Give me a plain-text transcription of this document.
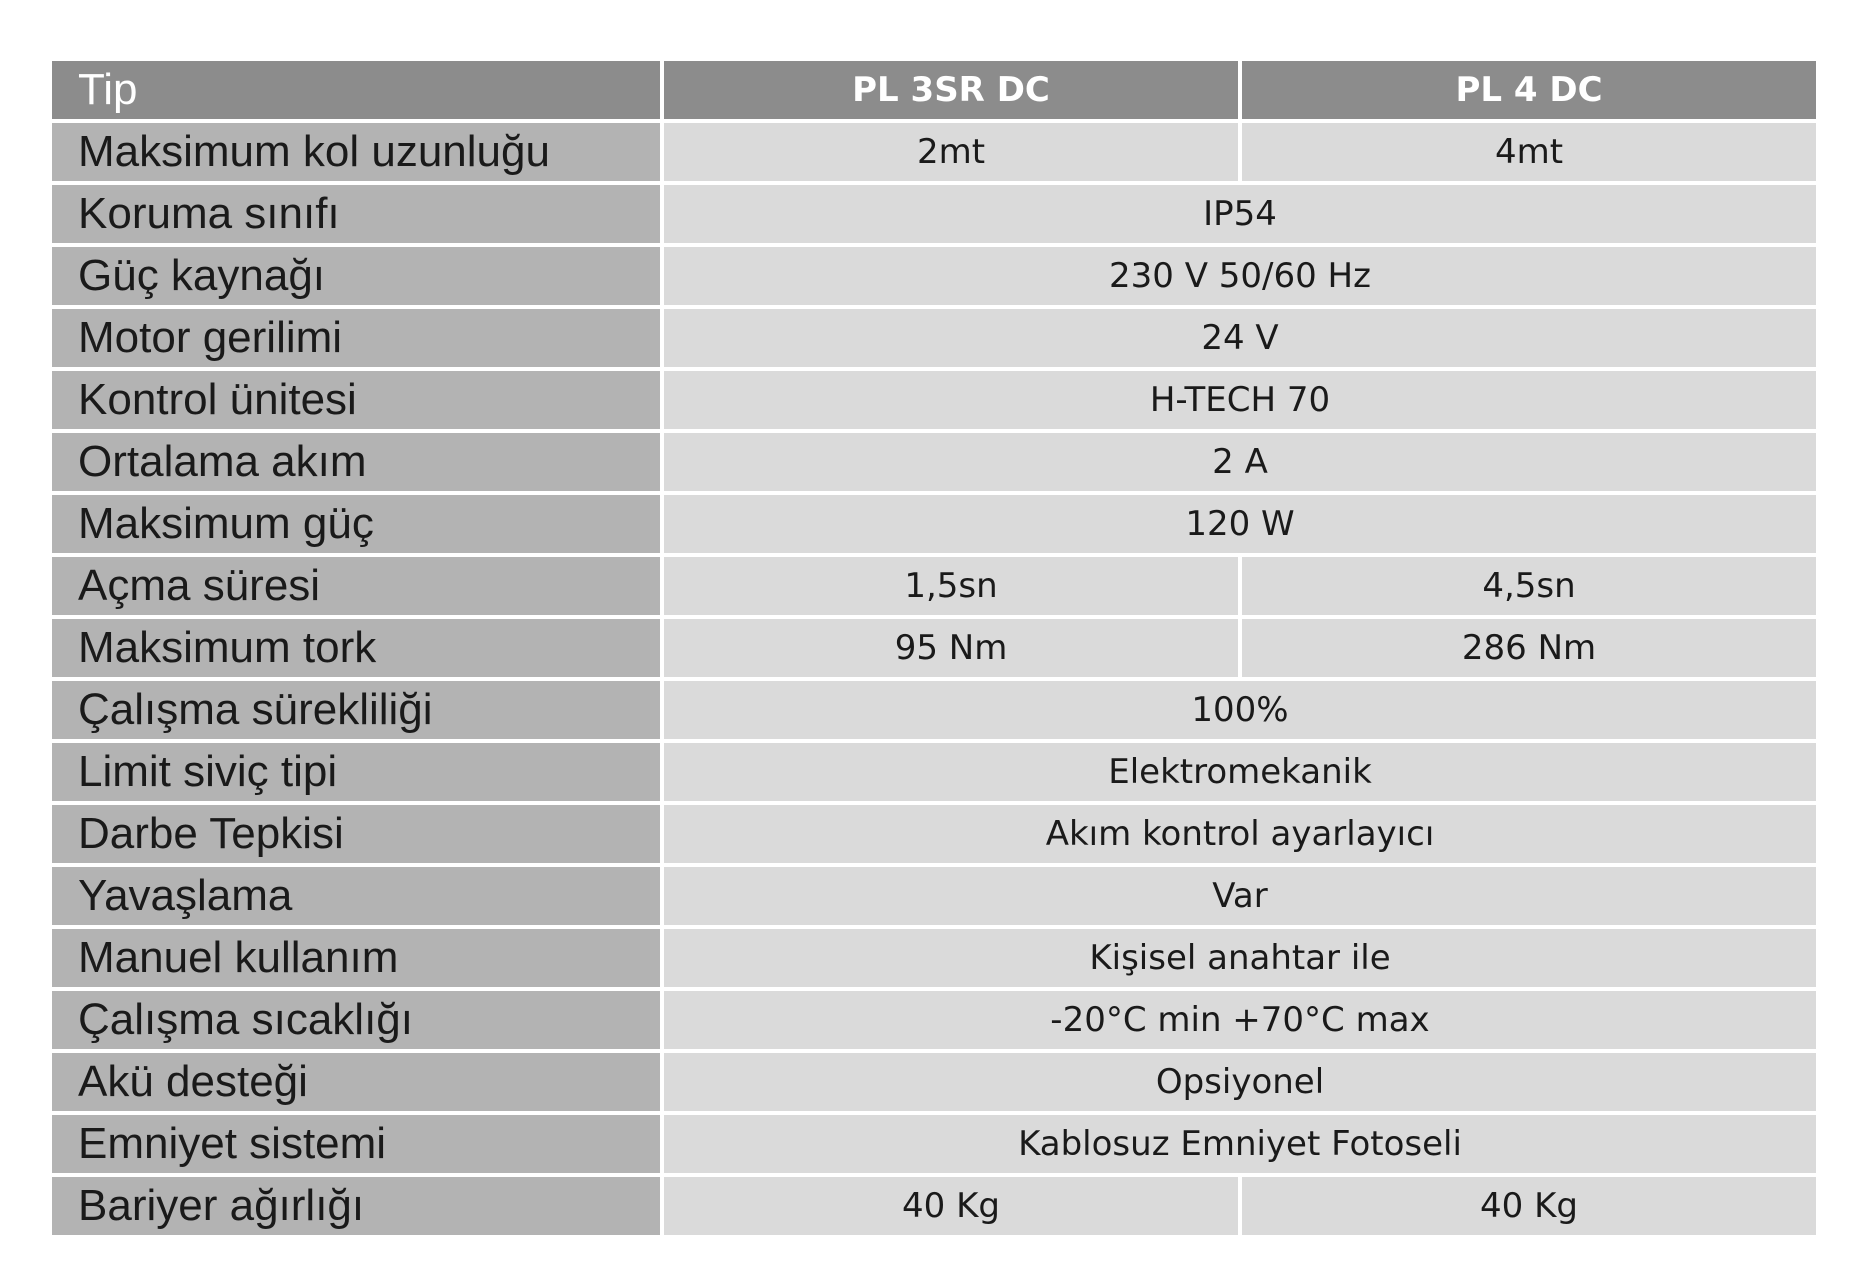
Tip	PL 3SR DC	PL 4 DC
Maksimum kol uzunluğu	2mt	4mt
Koruma sınıfı	IP54	
Güç kaynağı	230 V 50/60 Hz	
Motor gerilimi	24 V	
Kontrol ünitesi	H-TECH 70	
Ortalama akım	2 A	
Maksimum güç	120 W	
Açma süresi	1,5sn	4,5sn
Maksimum tork	95 Nm	286 Nm
Çalışma sürekliliği	100%	
Limit siviç tipi	Elektromekanik	
Darbe Tepkisi	Akım kontrol ayarlayıcı	
Yavaşlama	Var	
Manuel kullanım	Kişisel anahtar ile	
Çalışma sıcaklığı	-20°C min +70°C max	
Akü desteği	Opsiyonel	
Emniyet sistemi	Kablosuz Emniyet Fotoseli	
Bariyer ağırlığı	40 Kg	40 Kg
